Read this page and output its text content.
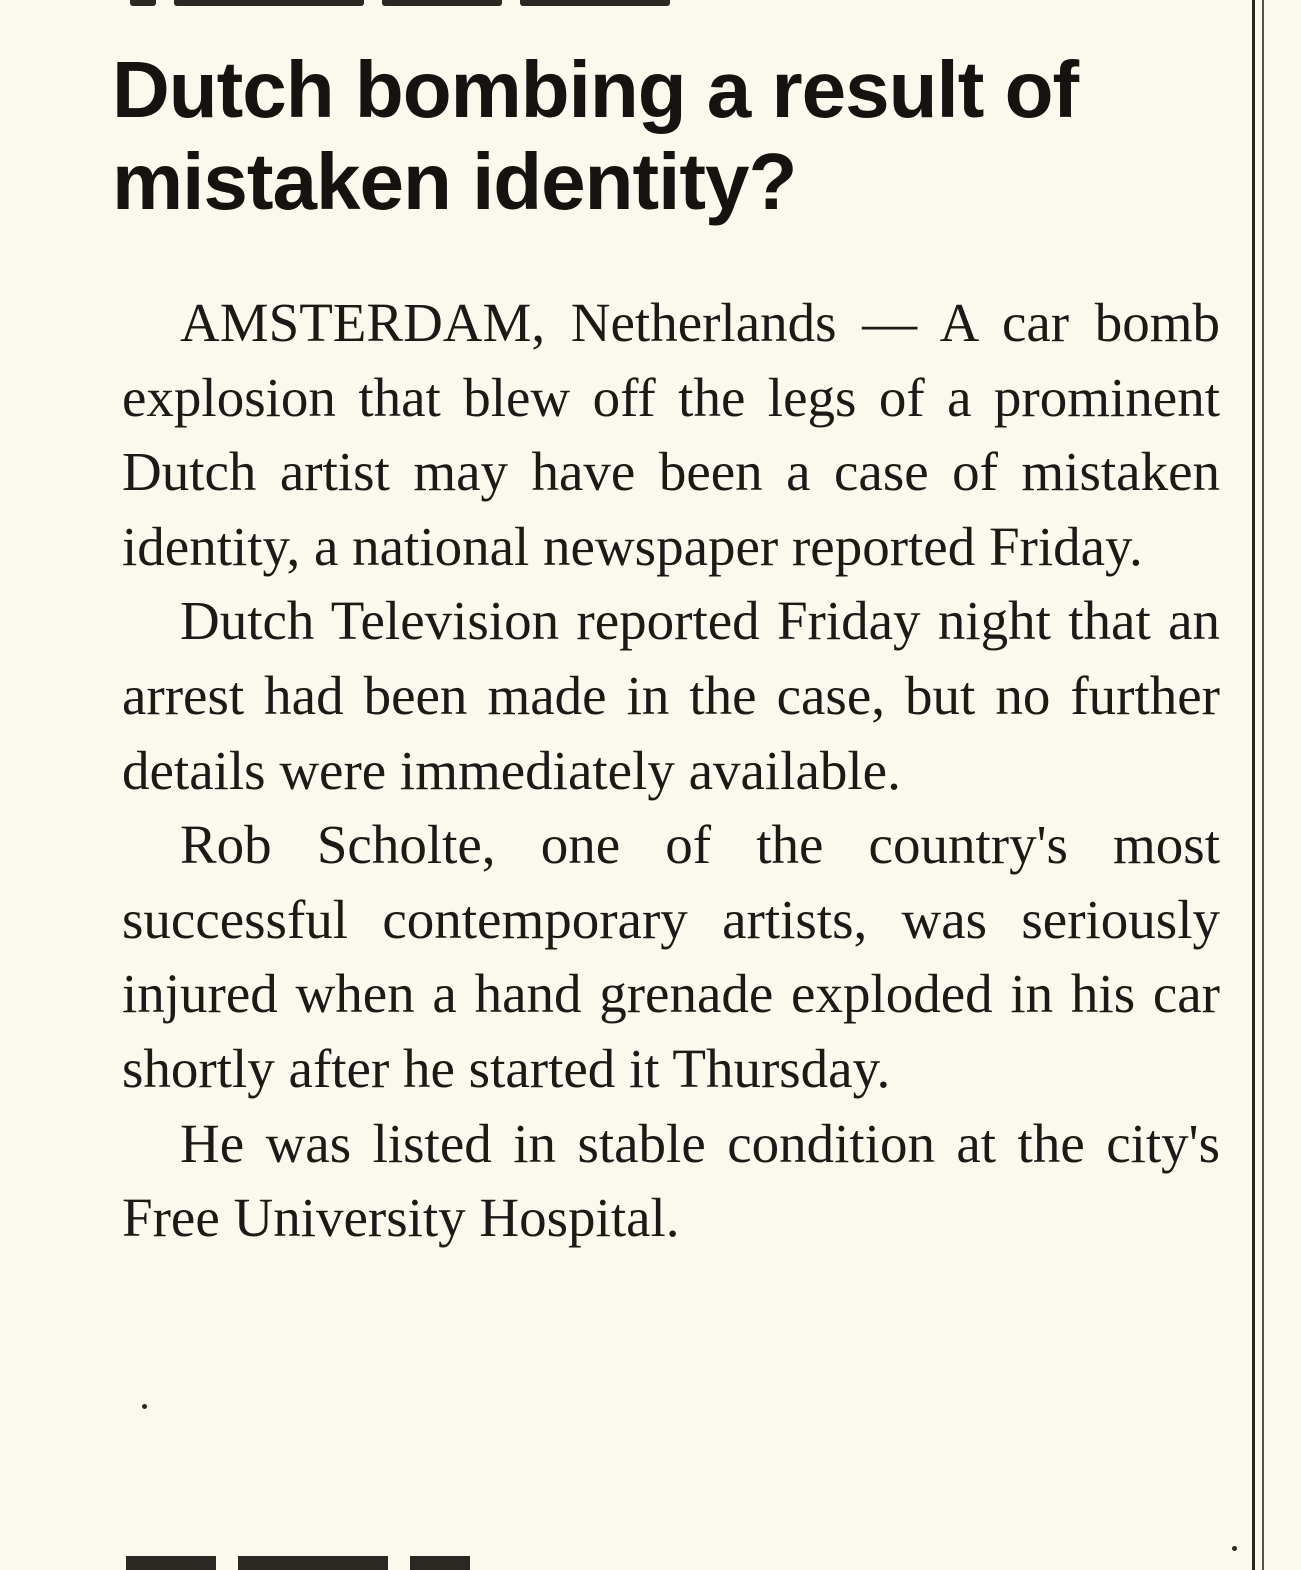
Dutch bombing a result of mistaken identity?

AMSTERDAM, Netherlands — A car bomb explosion that blew off the legs of a prominent Dutch artist may have been a case of mistaken identity, a national newspaper reported Friday.

Dutch Television reported Friday night that an arrest had been made in the case, but no further details were immediately available.

Rob Scholte, one of the country's most successful contemporary artists, was seriously injured when a hand grenade exploded in his car shortly after he started it Thursday.

He was listed in stable condition at the city's Free University Hospital.
